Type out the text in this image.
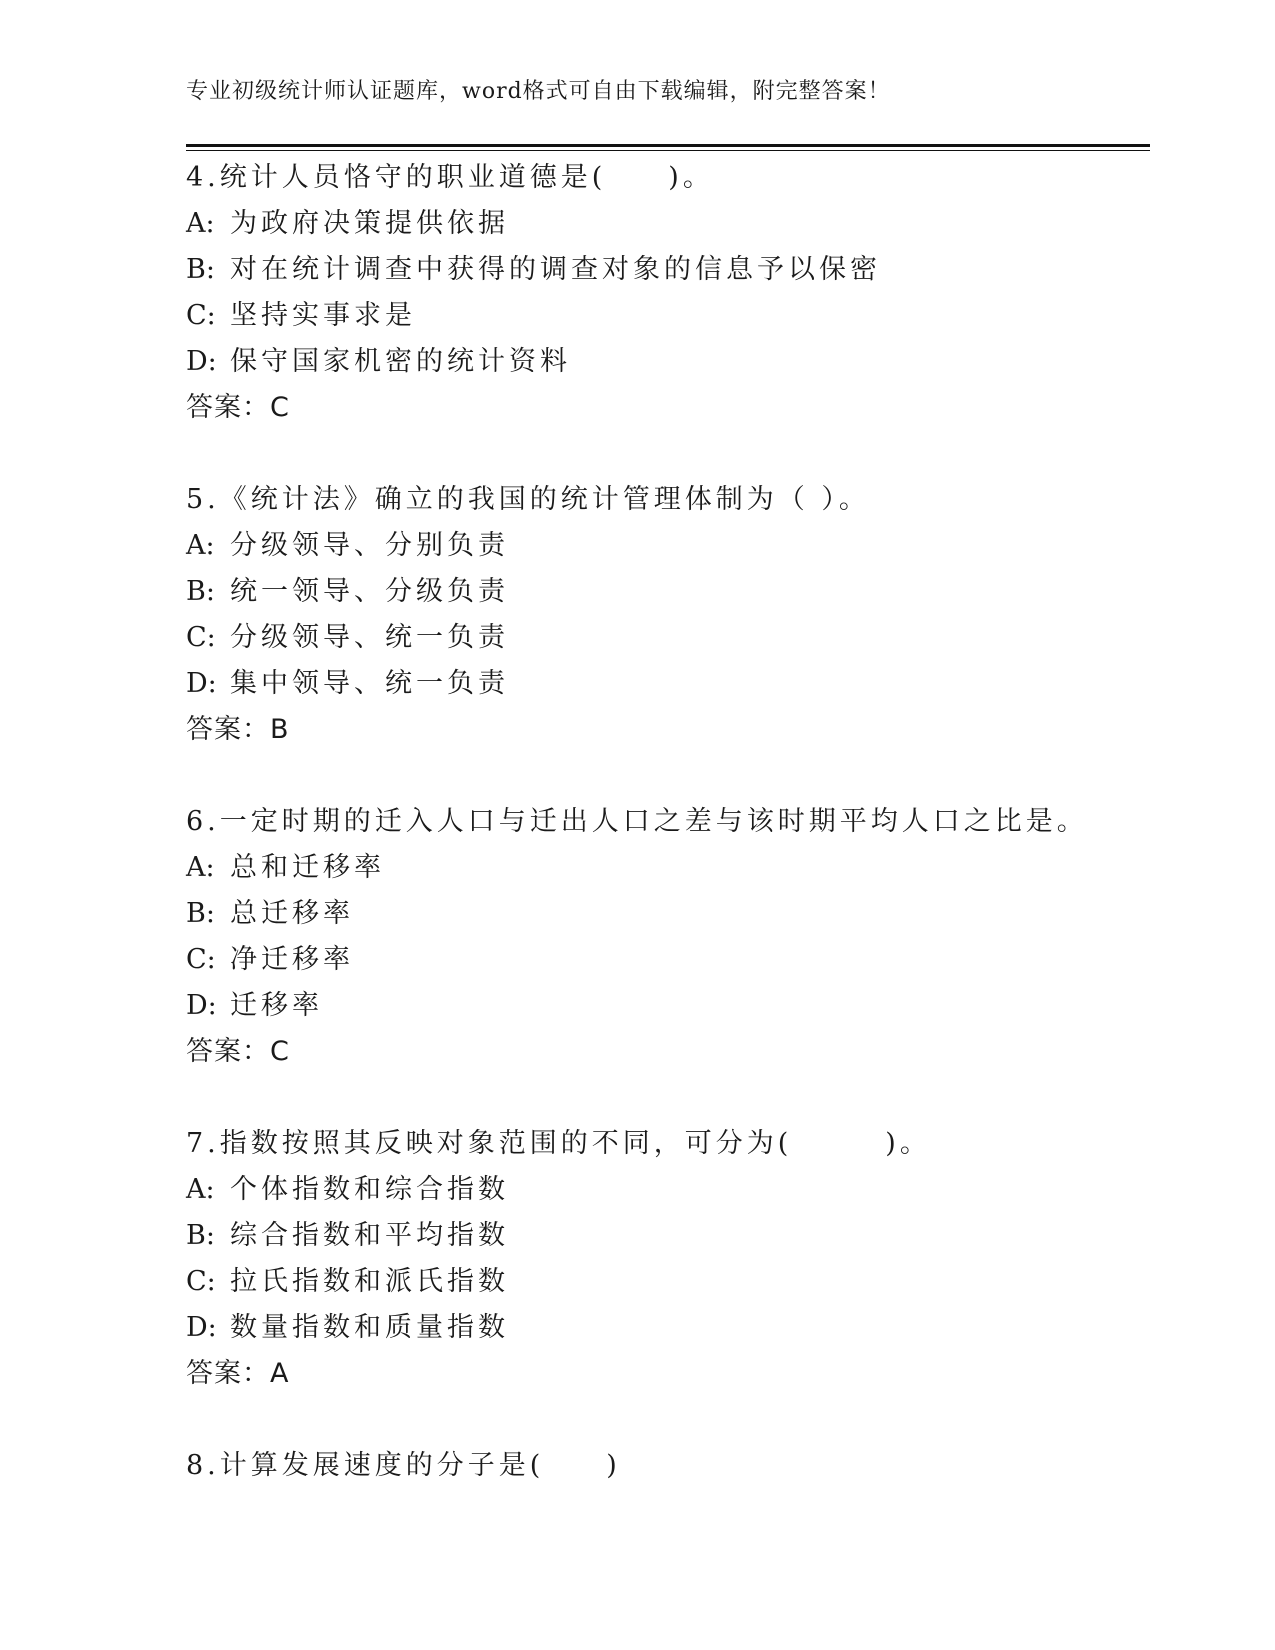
专业初级统计师认证题库，word格式可自由下载编辑，附完整答案！
4.统计人员恪守的职业道德是(　　)。
A: 为政府决策提供依据
B: 对在统计调查中获得的调查对象的信息予以保密
C: 坚持实事求是
D: 保守国家机密的统计资料
答案：C
5.《统计法》确立的我国的统计管理体制为（ ）。
A: 分级领导、分别负责
B: 统一领导、分级负责
C: 分级领导、统一负责
D: 集中领导、统一负责
答案：B
6.一定时期的迁入人口与迁出人口之差与该时期平均人口之比是。
A: 总和迁移率
B: 总迁移率
C: 净迁移率
D: 迁移率
答案：C
7.指数按照其反映对象范围的不同，可分为(　　　)。
A: 个体指数和综合指数
B: 综合指数和平均指数
C: 拉氏指数和派氏指数
D: 数量指数和质量指数
答案：A
8.计算发展速度的分子是(　　)
